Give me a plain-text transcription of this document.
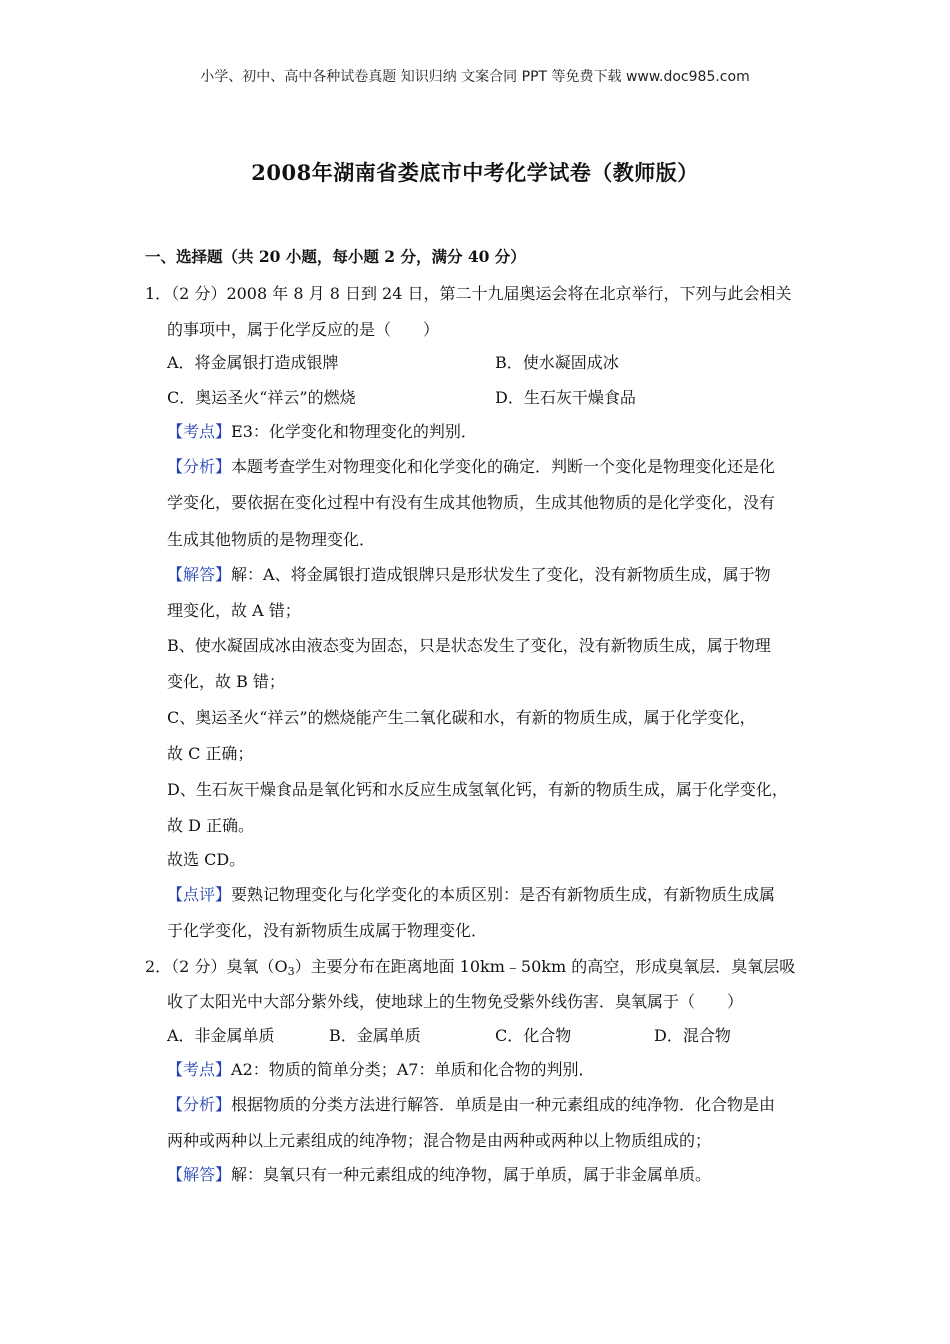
小学、初中、高中各种试卷真题 知识归纳 文案合同 PPT 等免费下载 www.doc985.com
2008年湖南省娄底市中考化学试卷（教师版）
一、选择题（共 20 小题，每小题 2 分，满分 40 分）
1．（2 分）2008 年 8 月 8 日到 24 日，第二十九届奥运会将在北京举行，下列与此会相关
的事项中，属于化学反应的是（　　）
A．将金属银打造成银牌	B．使水凝固成冰
C．奥运圣火“祥云”的燃烧	D．生石灰干燥食品
【考点】E3：化学变化和物理变化的判别．
【分析】本题考查学生对物理变化和化学变化的确定．判断一个变化是物理变化还是化
学变化，要依据在变化过程中有没有生成其他物质，生成其他物质的是化学变化，没有
生成其他物质的是物理变化．
【解答】解：A、将金属银打造成银牌只是形状发生了变化，没有新物质生成，属于物
理变化，故 A 错；
B、使水凝固成冰由液态变为固态，只是状态发生了变化，没有新物质生成，属于物理
变化，故 B 错；
C、奥运圣火“祥云”的燃烧能产生二氧化碳和水，有新的物质生成，属于化学变化，
故 C 正确；
D、生石灰干燥食品是氧化钙和水反应生成氢氧化钙，有新的物质生成，属于化学变化，
故 D 正确。
故选 CD。
【点评】要熟记物理变化与化学变化的本质区别：是否有新物质生成，有新物质生成属
于化学变化，没有新物质生成属于物理变化．
2．（2 分）臭氧$(O_3)$主要分布在距离地面 10km﹣50km 的高空，形成臭氧层．臭氧层吸
收了太阳光中大部分紫外线，使地球上的生物免受紫外线伤害．臭氧属于（　　）
A．非金属单质	B．金属单质	C．化合物	D．混合物
【考点】A2：物质的简单分类；A7：单质和化合物的判别．
【分析】根据物质的分类方法进行解答．单质是由一种元素组成的纯净物．化合物是由
两种或两种以上元素组成的纯净物；混合物是由两种或两种以上物质组成的；
【解答】解：臭氧只有一种元素组成的纯净物，属于单质，属于非金属单质。
